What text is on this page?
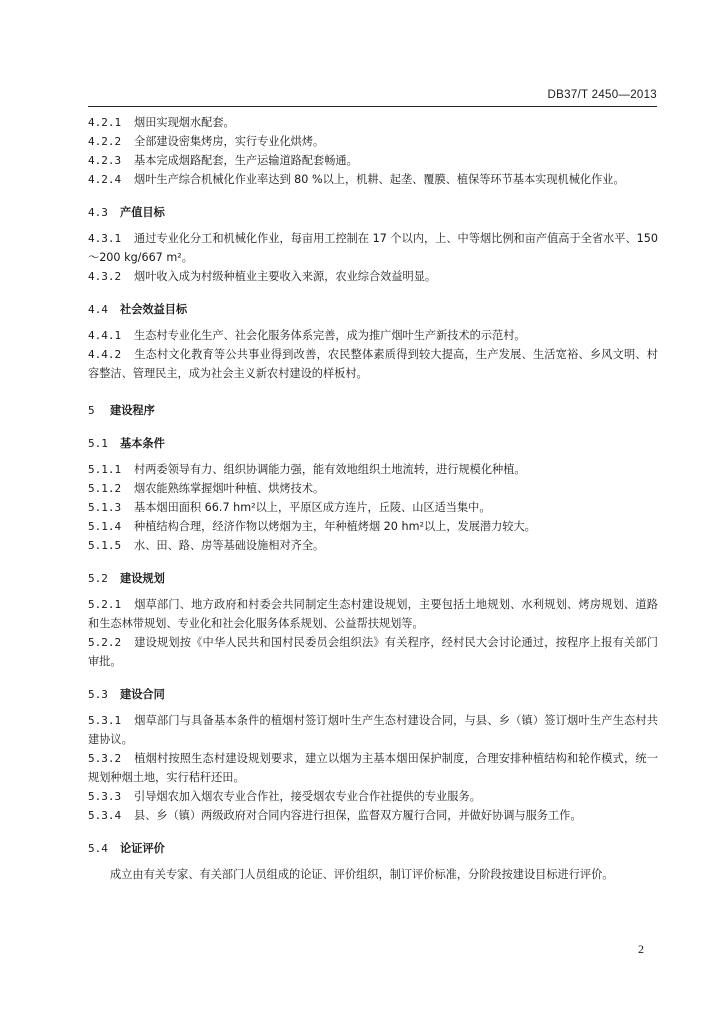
DB37/T 2450—2013
4.2.1 烟田实现烟水配套。
4.2.2 全部建设密集烤房，实行专业化烘烤。
4.2.3 基本完成烟路配套，生产运输道路配套畅通。
4.2.4 烟叶生产综合机械化作业率达到 80 %以上，机耕、起垄、覆膜、植保等环节基本实现机械化作业。
4.3 产值目标
4.3.1 通过专业化分工和机械化作业，每亩用工控制在 17 个以内，上、中等烟比例和亩产值高于全省水平、150～200 kg/667 m²。
4.3.2 烟叶收入成为村级种植业主要收入来源，农业综合效益明显。
4.4 社会效益目标
4.4.1 生态村专业化生产、社会化服务体系完善，成为推广烟叶生产新技术的示范村。
4.4.2 生态村文化教育等公共事业得到改善，农民整体素质得到较大提高，生产发展、生活宽裕、乡风文明、村容整洁、管理民主，成为社会主义新农村建设的样板村。
5 建设程序
5.1 基本条件
5.1.1 村两委领导有力、组织协调能力强，能有效地组织土地流转，进行规模化种植。
5.1.2 烟农能熟练掌握烟叶种植、烘烤技术。
5.1.3 基本烟田面积 66.7 hm²以上，平原区成方连片，丘陵、山区适当集中。
5.1.4 种植结构合理，经济作物以烤烟为主，年种植烤烟 20 hm²以上，发展潜力较大。
5.1.5 水、田、路、房等基础设施相对齐全。
5.2 建设规划
5.2.1 烟草部门、地方政府和村委会共同制定生态村建设规划，主要包括土地规划、水利规划、烤房规划、道路和生态林带规划、专业化和社会化服务体系规划、公益帮扶规划等。
5.2.2 建设规划按《中华人民共和国村民委员会组织法》有关程序，经村民大会讨论通过，按程序上报有关部门审批。
5.3 建设合同
5.3.1 烟草部门与具备基本条件的植烟村签订烟叶生产生态村建设合同，与县、乡（镇）签订烟叶生产生态村共建协议。
5.3.2 植烟村按照生态村建设规划要求，建立以烟为主基本烟田保护制度，合理安排种植结构和轮作模式，统一规划种烟土地，实行秸秆还田。
5.3.3 引导烟农加入烟农专业合作社，接受烟农专业合作社提供的专业服务。
5.3.4 县、乡（镇）两级政府对合同内容进行担保，监督双方履行合同，并做好协调与服务工作。
5.4 论证评价
成立由有关专家、有关部门人员组成的论证、评价组织，制订评价标准，分阶段按建设目标进行评价。
2
